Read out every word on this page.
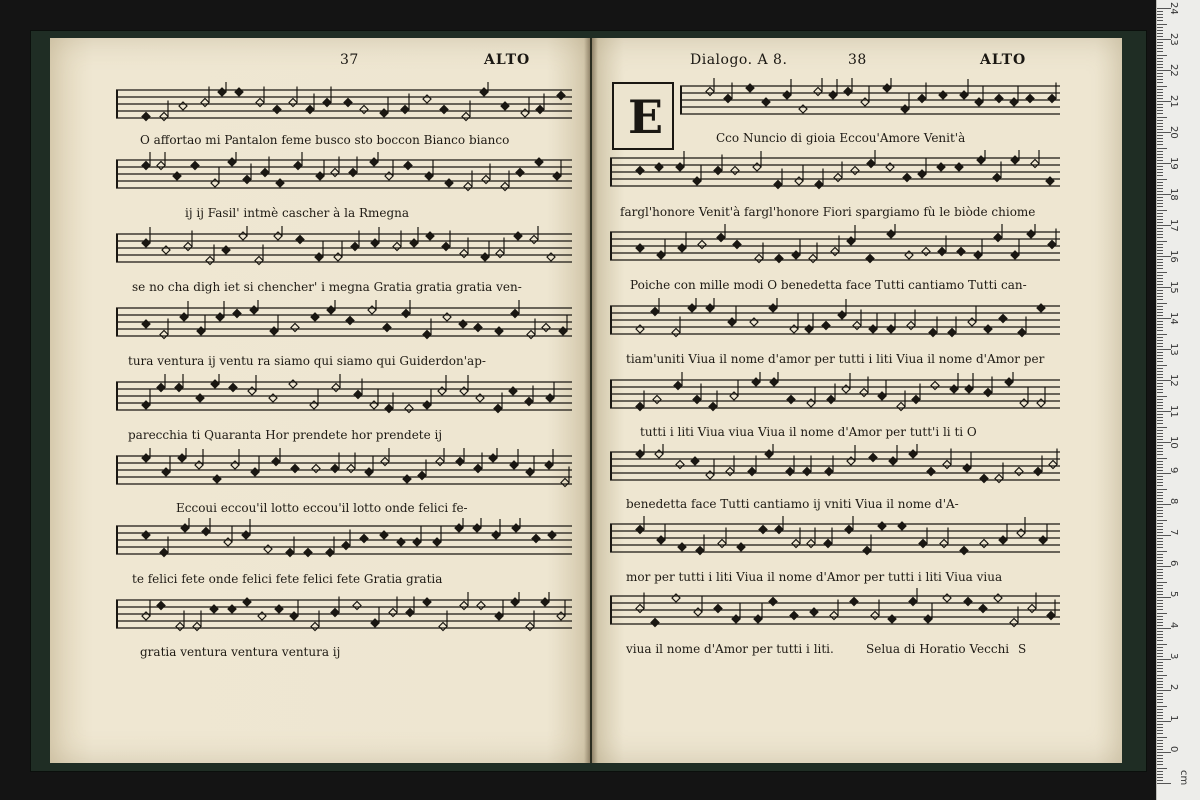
37	ALTO	Dialogo. A 8.	38	ALTO
E
O affortao mi Pantalon feme busco sto boccon Bianco bianco
ij ij Fasil' intmè cascher à la Rmegna
se no cha digh iet si chencher' i megna Gratia gratia gratia ven-
tura ventura ij ventu ra siamo qui siamo qui Guiderdon'ap-
parecchia ti Quaranta Hor prendete hor prendete ij
Eccoui eccou'il lotto eccou'il lotto onde felici fe-
te felici fete onde felici fete felici fete Gratia gratia
gratia ventura ventura ventura ij
Cco Nuncio di gioia Eccou'Amore Venit'à
fargl'honore Venit'à fargl'honore Fiori spargiamo fù le biòde chiome
Poiche con mille modi O benedetta face Tutti cantiamo Tutti can-
tiam'uniti Viua il nome d'amor per tutti i liti Viua il nome d'Amor per
tutti i liti Viua viua Viua il nome d'Amor per tutt'i li ti O
benedetta face Tutti cantiamo ij vniti Viua il nome d'A-
mor per tutti i liti Viua il nome d'Amor per tutti i liti Viua viua
viua il nome d'Amor per tutti i liti.	Selua di Horatio Vecchi S
24
23
22
21
20
19
18
17
16
15
14
13
12
11
10
9
8
7
6
5
4
3
2
1
0
cm
